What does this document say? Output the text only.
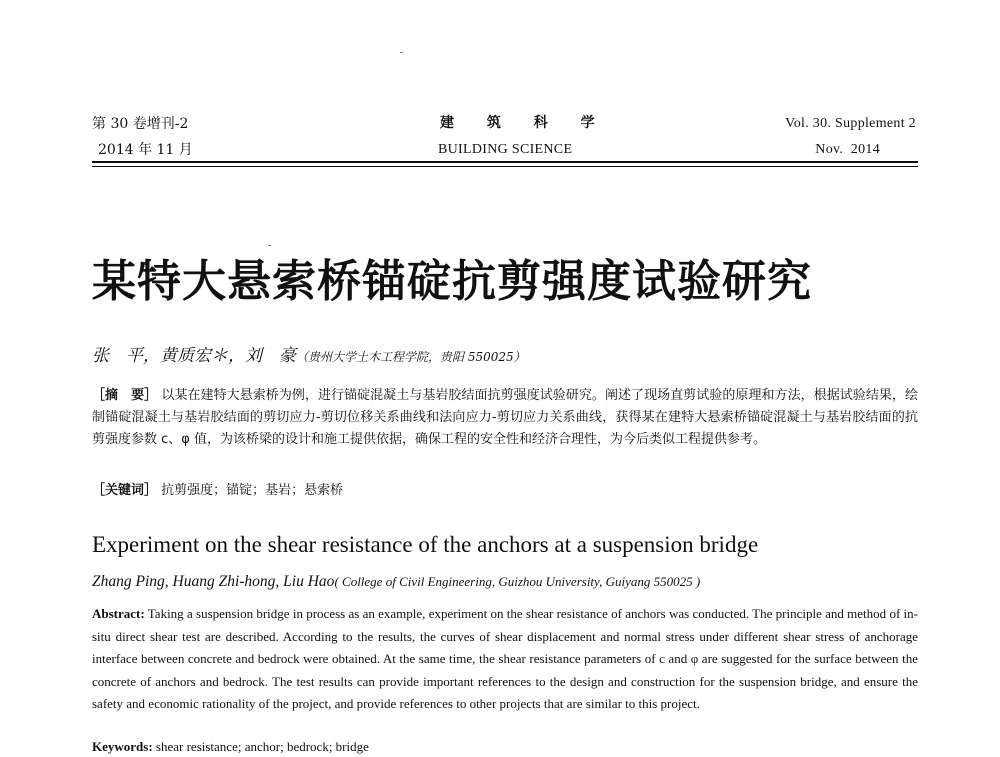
第 30 卷增刊-2
2014 年 11 月
建 筑 科 学
BUILDING SCIENCE
Vol. 30. Supplement 2
Nov.  2014
某特大悬索桥锚碇抗剪强度试验研究
张　平，黄质宏＊，刘　豪（贵州大学土木工程学院，贵阳 550025）
［摘　要］ 以某在建特大悬索桥为例，进行锚碇混凝土与基岩胶结面抗剪强度试验研究。阐述了现场直剪试验的原理和方法，根据试验结果，绘制锚碇混凝土与基岩胶结面的剪切应力-剪切位移关系曲线和法向应力-剪切应力关系曲线，获得某在建特大悬索桥锚碇混凝土与基岩胶结面的抗剪强度参数 c、φ 值，为该桥梁的设计和施工提供依据，确保工程的安全性和经济合理性，为今后类似工程提供参考。
［关键词］ 抗剪强度；锚锭；基岩；悬索桥
Experiment on the shear resistance of the anchors at a suspension bridge
Zhang Ping, Huang Zhi-hong, Liu Hao( College of Civil Engineering, Guizhou University, Guiyang 550025 )
Abstract: Taking a suspension bridge in process as an example, experiment on the shear resistance of anchors was conducted. The principle and method of in-situ direct shear test are described. According to the results, the curves of shear displacement and normal stress under different shear stress of anchorage interface between concrete and bedrock were obtained. At the same time, the shear resistance parameters of c and φ are suggested for the surface between the concrete of anchors and bedrock. The test results can provide important references to the design and construction for the suspension bridge, and ensure the safety and economic rationality of the project, and provide references to other projects that are similar to this project.
Keywords: shear resistance; anchor; bedrock; bridge
